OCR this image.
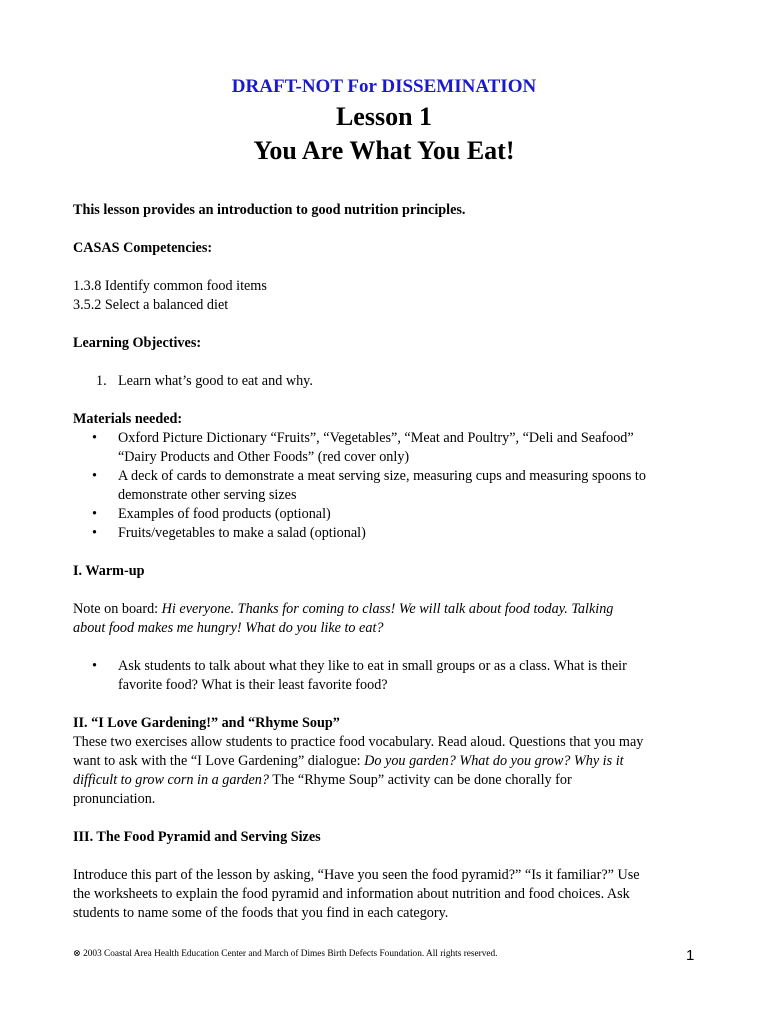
DRAFT-NOT For DISSEMINATION
Lesson 1
You Are What You Eat!

This lesson provides an introduction to good nutrition principles.

CASAS Competencies:

1.3.8 Identify common food items

3.5.2 Select a balanced diet

Learning Objectives:

1. Learn what’s good to eat and why.

Materials needed:

• Oxford Picture Dictionary “Fruits”, “Vegetables”, “Meat and Poultry”, “Deli and Seafood”
“Dairy Products and Other Foods” (red cover only)
• A deck of cards to demonstrate a meat serving size, measuring cups and measuring spoons to
demonstrate other serving sizes
• Examples of food products (optional)
• Fruits/vegetables to make a salad (optional)

I. Warm-up

Note on board: Hi everyone. Thanks for coming to class! We will talk about food today. Talking
about food makes me hungry! What do you like to eat?

• Ask students to talk about what they like to eat in small groups or as a class. What is their
favorite food? What is their least favorite food?

II. “I Love Gardening!” and “Rhyme Soup”

These two exercises allow students to practice food vocabulary. Read aloud. Questions that you may
want to ask with the “I Love Gardening” dialogue: Do you garden? What do you grow? Why is it
difficult to grow corn in a garden? The “Rhyme Soup” activity can be done chorally for
pronunciation.

III. The Food Pyramid and Serving Sizes

Introduce this part of the lesson by asking, “Have you seen the food pyramid?” “Is it familiar?” Use
the worksheets to explain the food pyramid and information about nutrition and food choices. Ask
students to name some of the foods that you find in each category.

⊗ 2003 Coastal Area Health Education Center and March of Dimes Birth Defects Foundation. All rights reserved.	1
